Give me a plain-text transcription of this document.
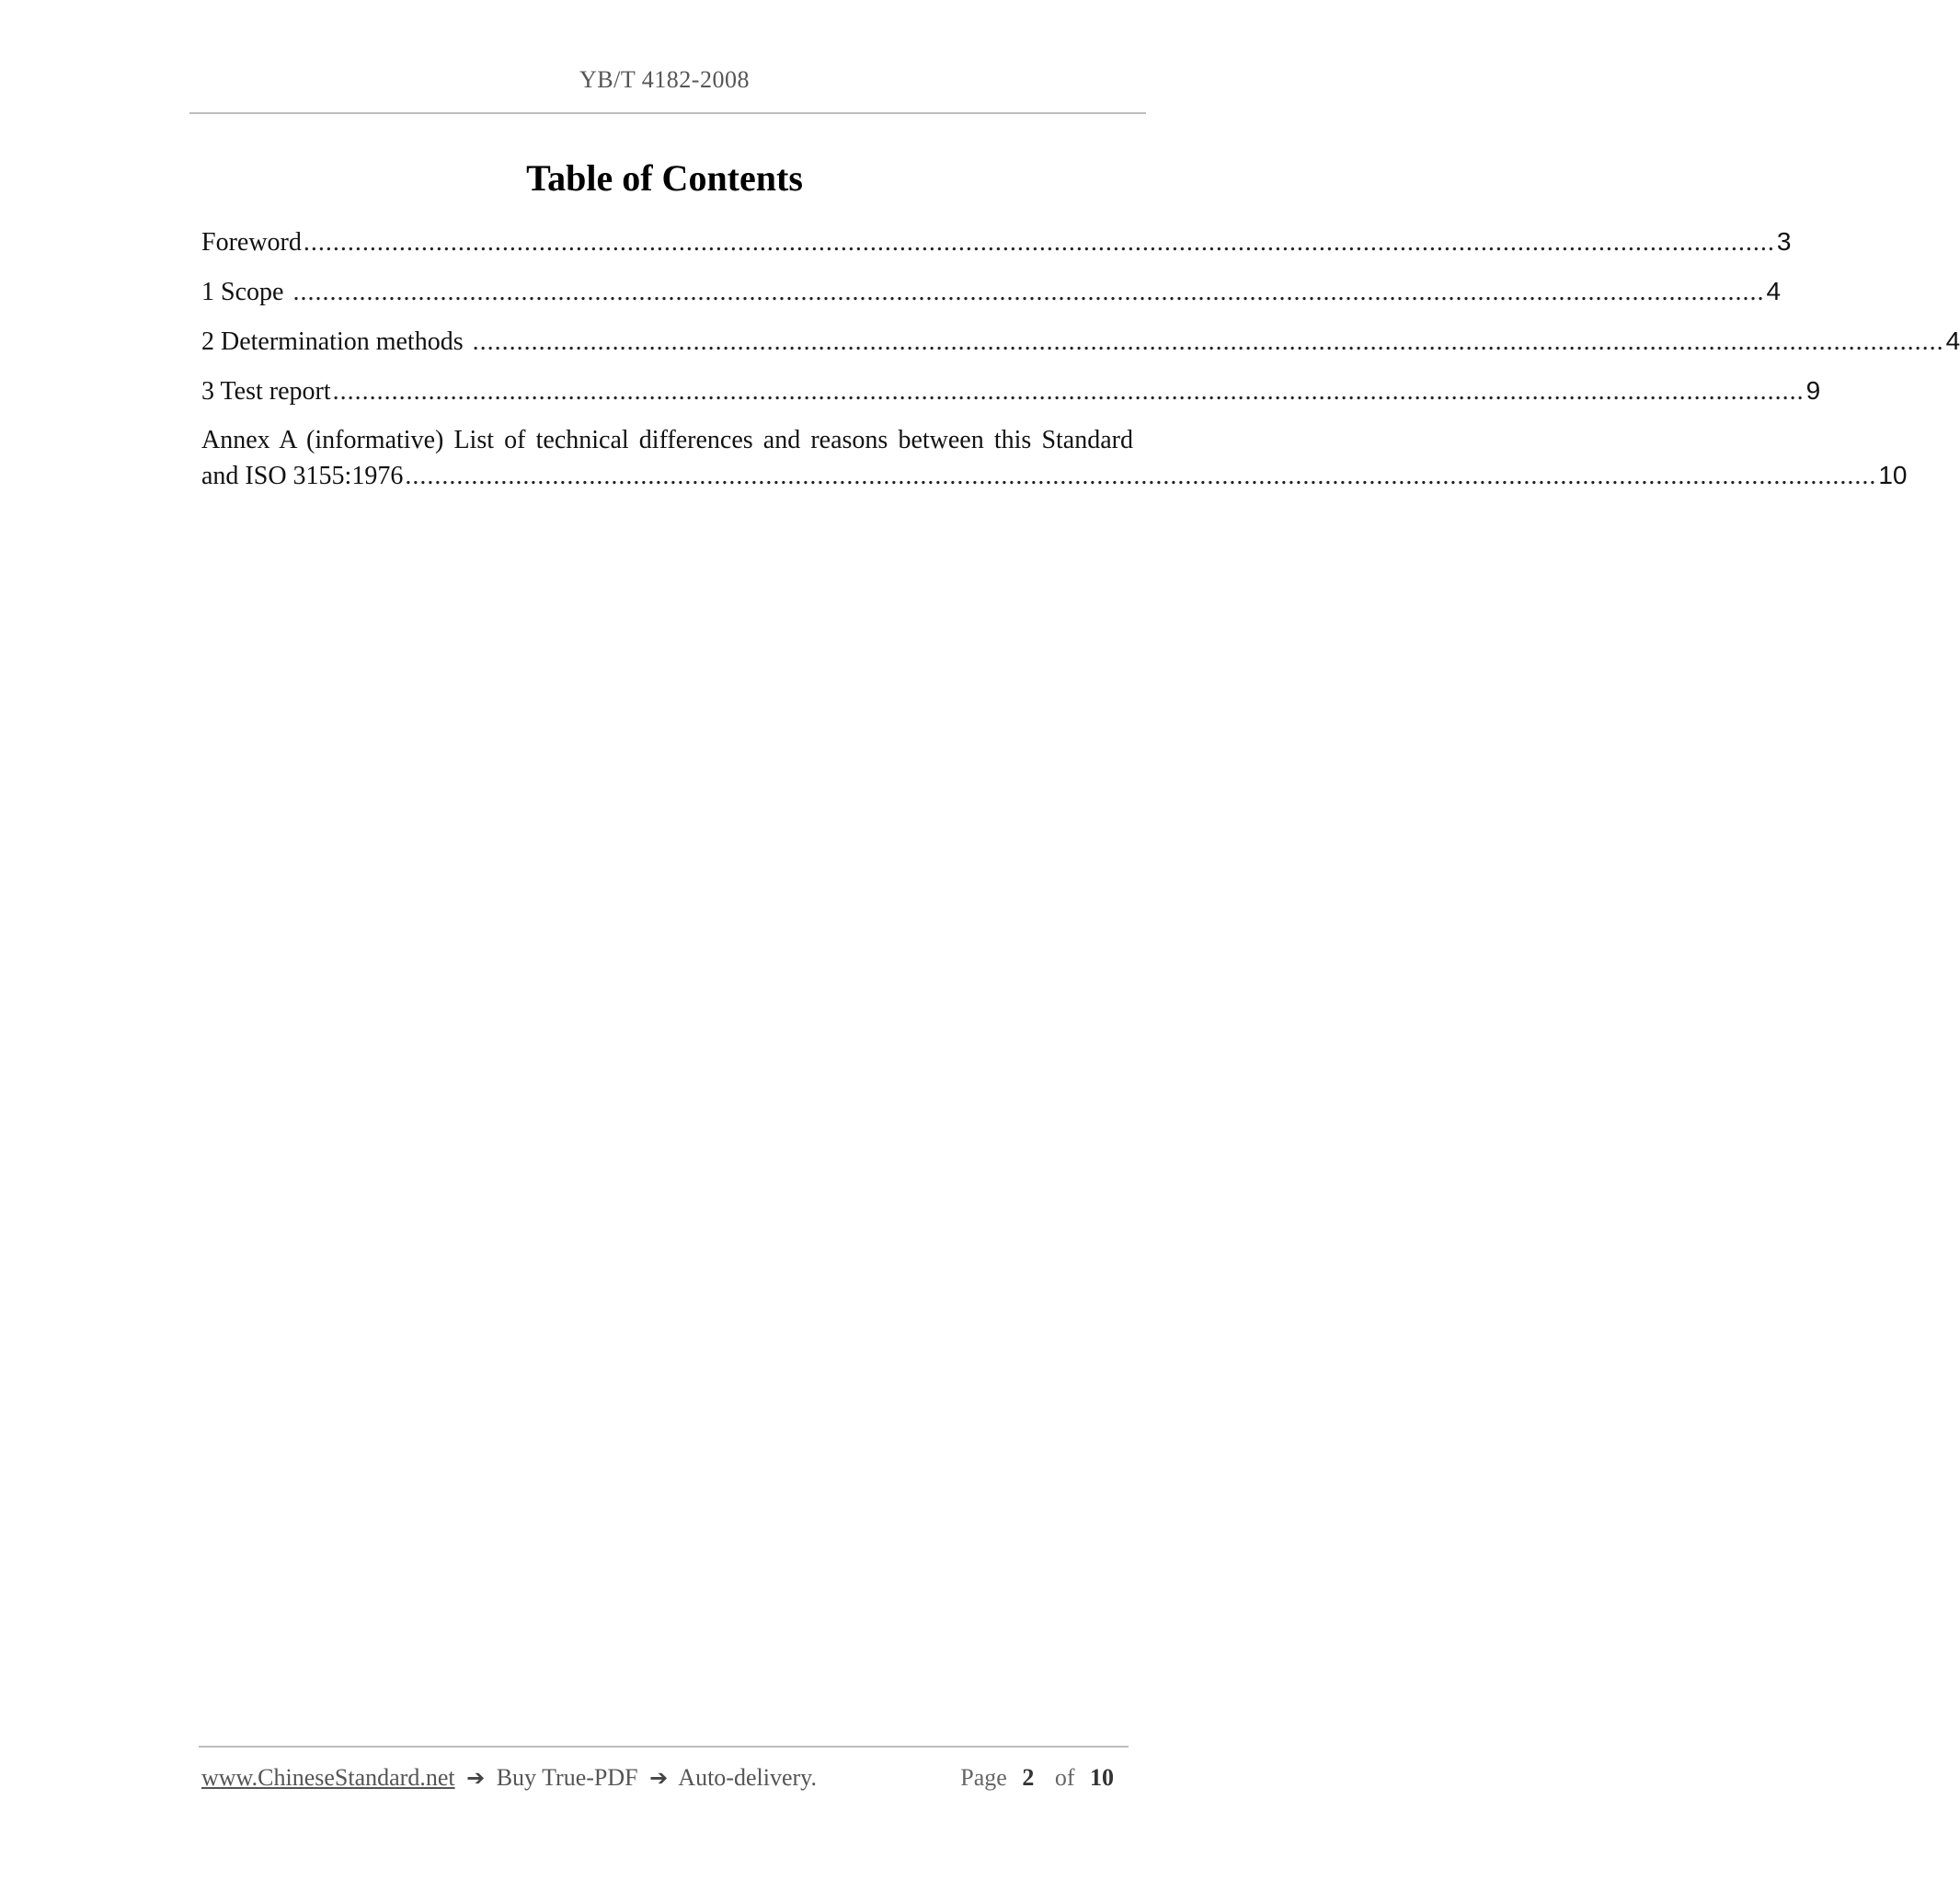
YB/T 4182-2008
Table of Contents
Foreword ........................................................................................................................................................................................................ 3
1 Scope ........................................................................................................................................................................................................ 4
2 Determination methods ........................................................................................................................................................................................................ 4
3 Test report ........................................................................................................................................................................................................ 9
Annex A (informative) List of technical differences and reasons between this Standard
and ISO 3155:1976 ........................................................................................................................................................................................................ 10
www.ChineseStandard.net ➔ Buy True-PDF ➔ Auto-delivery.	Page 2 of 10
